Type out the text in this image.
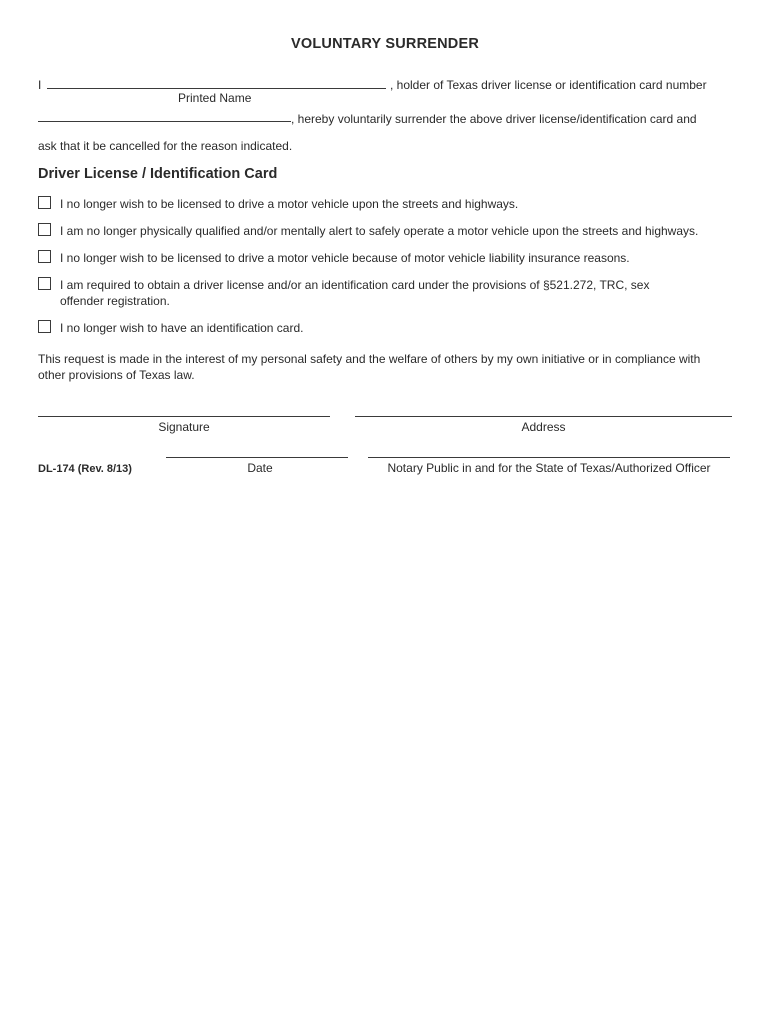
VOLUNTARY SURRENDER
I	, holder of Texas driver license or identification card number
Printed Name
, hereby voluntarily surrender the above driver license/identification card and
ask that it be cancelled for the reason indicated.
Driver License / Identification Card
I no longer wish to be licensed to drive a motor vehicle upon the streets and highways.
I am no longer physically qualified and/or mentally alert to safely operate a motor vehicle upon the streets and highways.
I no longer wish to be licensed to drive a motor vehicle because of motor vehicle liability insurance reasons.
I am required to obtain a driver license and/or an identification card under the provisions of §521.272, TRC, sex
offender registration.
I no longer wish to have an identification card.
This request is made in the interest of my personal safety and the welfare of others by my own initiative or in compliance with
other provisions of Texas law.
Signature	Address
DL-174 (Rev. 8/13)	Date	Notary Public in and for the State of Texas/Authorized Officer
